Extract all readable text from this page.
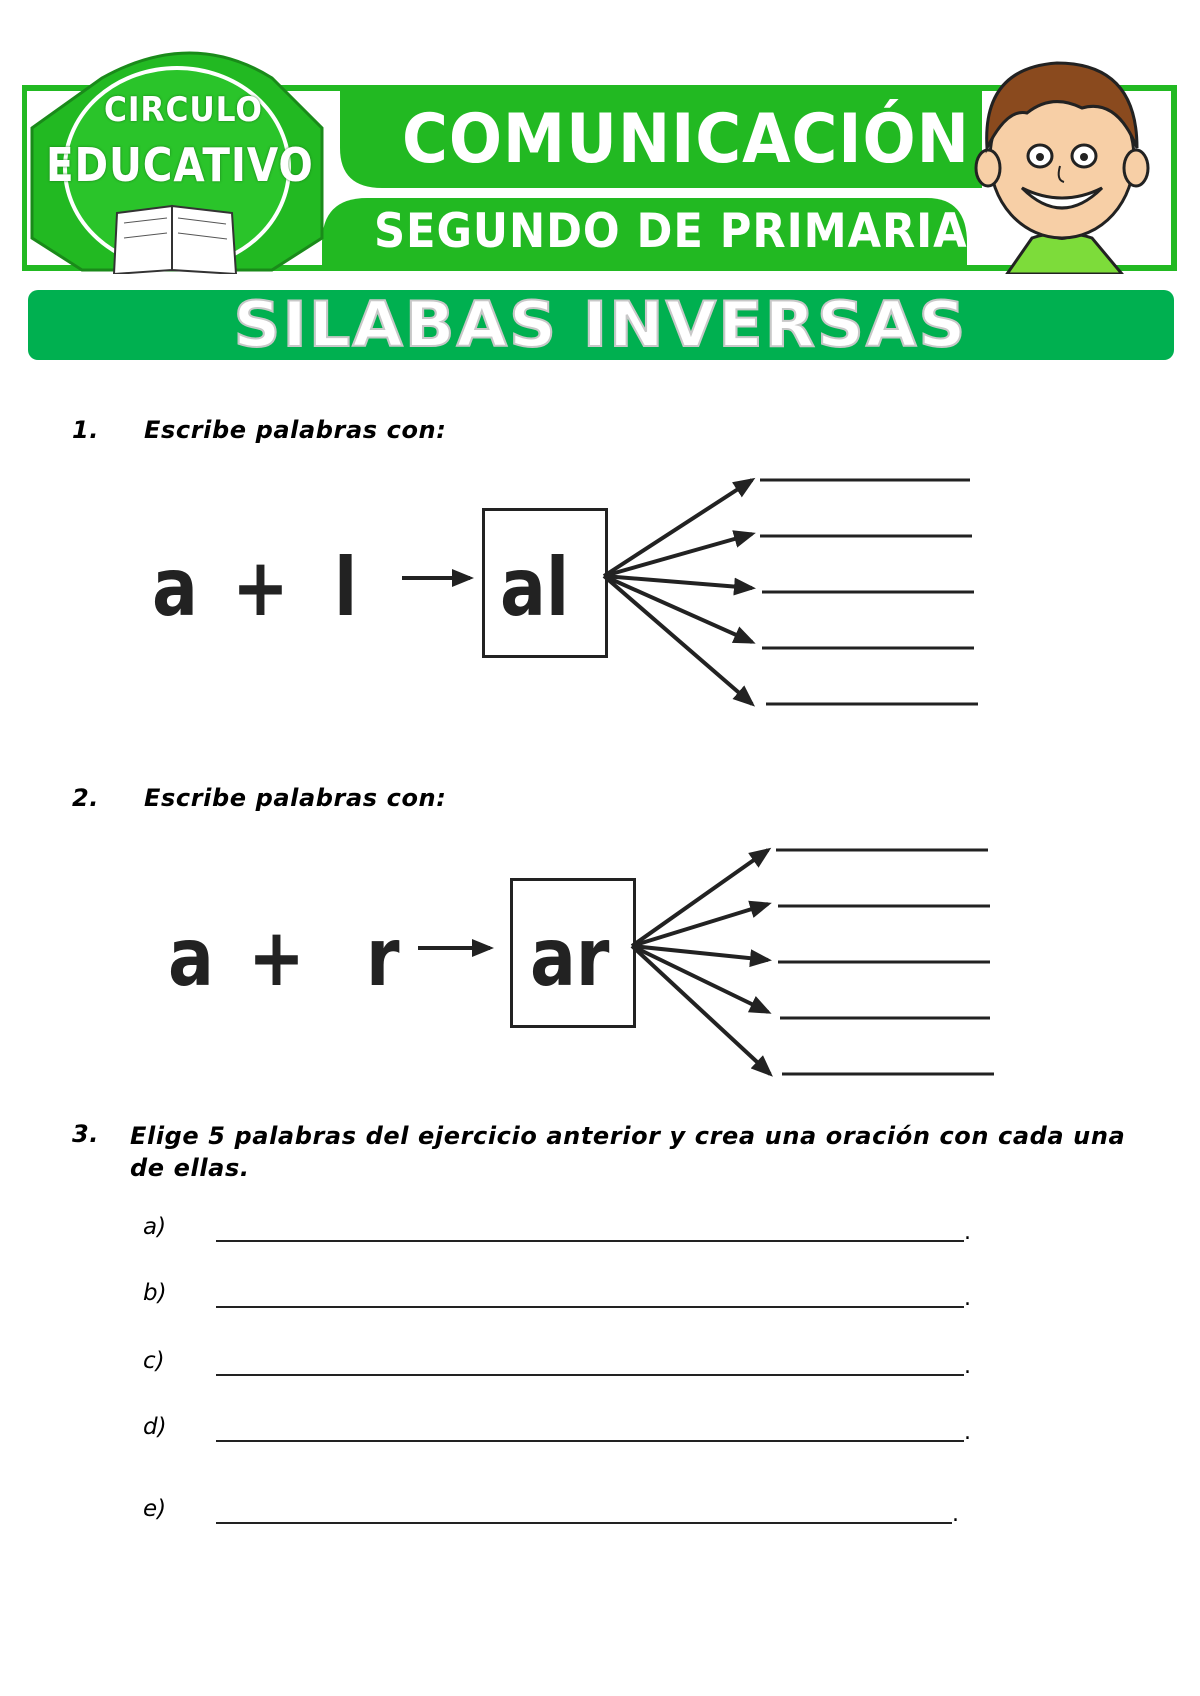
CIRCULO
EDUCATIVO COMUNICACIÓN
SEGUNDO DE PRIMARIA
SILABAS INVERSAS
1. Escribe palabras con:
a + l al
2. Escribe palabras con:
a + r ar
3. Elige 5 palabras del ejercicio anterior y crea una oración con cada una de ellas.
a)	.
b)	.
c)	.
d)	.
e)	.
